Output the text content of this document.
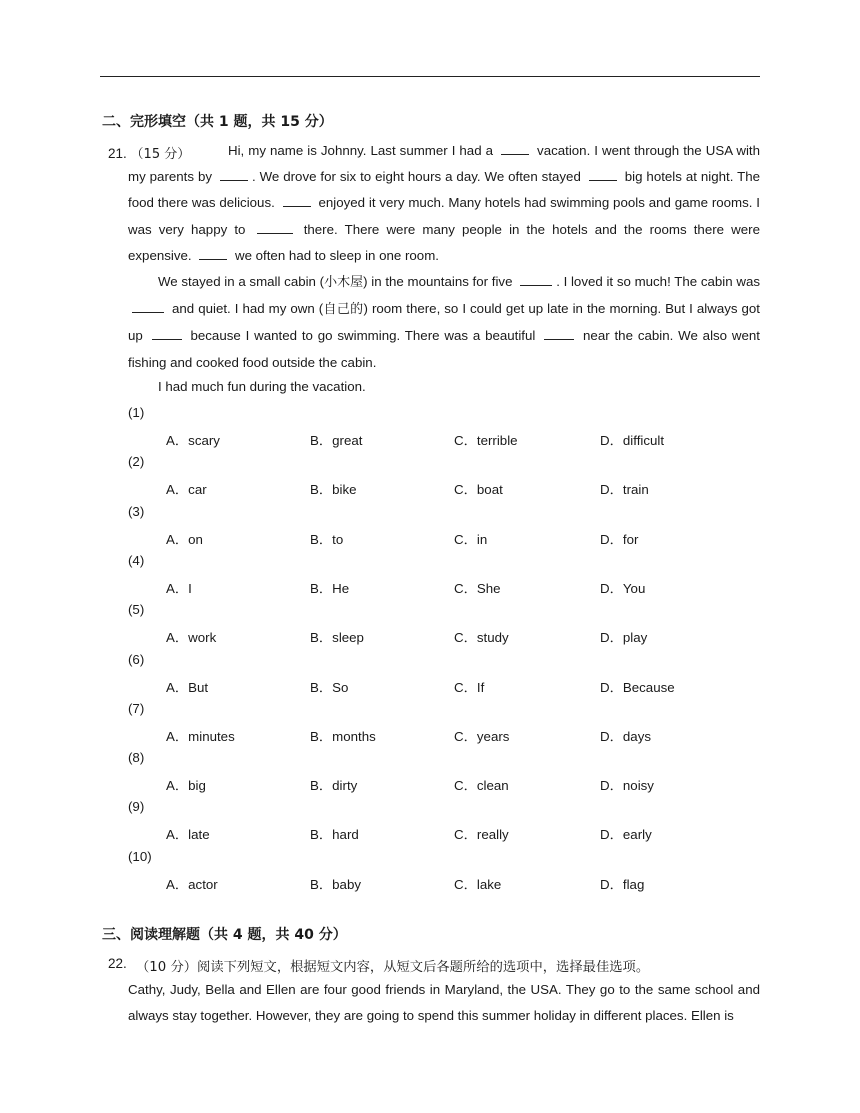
二、完形填空（共 1 题，共 15 分）
21. （15 分）	Hi, my name is Johnny. Last summer I had a	vacation. I went through the USA with my parents by	. We drove for six to eight hours a day. We often stayed	big hotels at night. The food there was delicious.	enjoyed it very much. Many hotels had swimming pools and game rooms. I was very happy to	there. There were many people in the hotels and the rooms there were expensive.	we often had to sleep in one room.
We stayed in a small cabin (小木屋) in the mountains for five	. I loved it so much! The cabin was  and quiet. I had my own (自己的) room there, so I could get up late in the morning. But I always got up	because I wanted to go swimming. There was a beautiful	near the cabin. We also went fishing and cooked food outside the cabin.
I had much fun during the vacation.
(1)
A．scary	B．great	C．terrible	D．difficult
(2)
A．car	B．bike	C．boat	D．train
(3)
A．on	B．to	C．in	D．for
(4)
A．I	B．He	C．She	D．You
(5)
A．work	B．sleep	C．study	D．play
(6)
A．But	B．So	C．If	D．Because
(7)
A．minutes	B．months	C．years	D．days
(8)
A．big	B．dirty	C．clean	D．noisy
(9)
A．late	B．hard	C．really	D．early
(10)
A．actor	B．baby	C．lake	D．flag
三、阅读理解题（共 4 题，共 40 分）
22. （10 分）阅读下列短文，根据短文内容，从短文后各题所给的选项中，选择最佳选项。
Cathy, Judy, Bella and Ellen are four good friends in Maryland, the USA. They go to the same school and always stay together. However, they are going to spend this summer holiday in different places. Ellen is
